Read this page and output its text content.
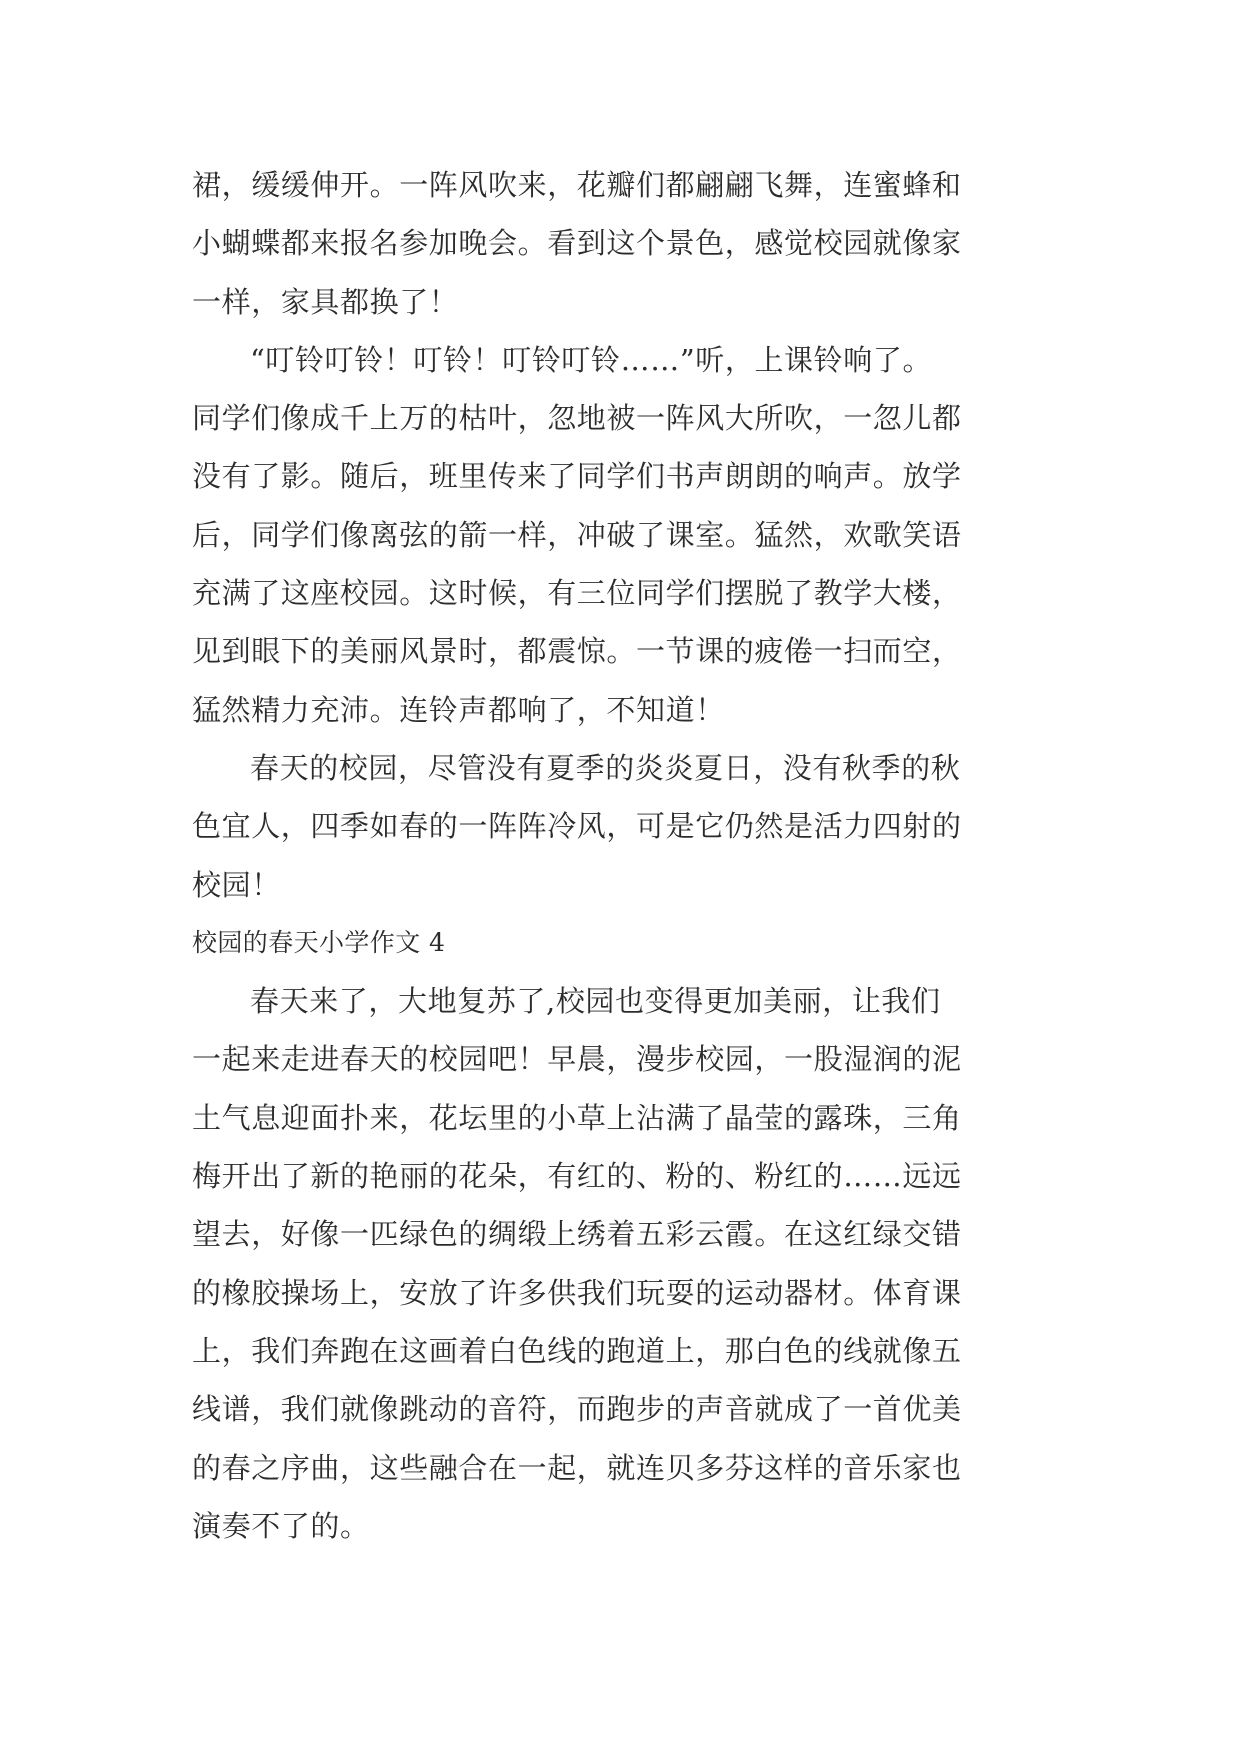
裙，缓缓伸开。一阵风吹来，花瓣们都翩翩飞舞，连蜜蜂和
小蝴蝶都来报名参加晚会。看到这个景色，感觉校园就像家
一样，家具都换了！
“叮铃叮铃！叮铃！叮铃叮铃……”听，上课铃响了。
同学们像成千上万的枯叶，忽地被一阵风大所吹，一忽儿都
没有了影。随后，班里传来了同学们书声朗朗的响声。放学
后，同学们像离弦的箭一样，冲破了课室。猛然，欢歌笑语
充满了这座校园。这时候，有三位同学们摆脱了教学大楼，
见到眼下的美丽风景时，都震惊。一节课的疲倦一扫而空，
猛然精力充沛。连铃声都响了，不知道！
春天的校园，尽管没有夏季的炎炎夏日，没有秋季的秋
色宜人，四季如春的一阵阵冷风，可是它仍然是活力四射的
校园！
校园的春天小学作文 4
春天来了，大地复苏了,校园也变得更加美丽，让我们
一起来走进春天的校园吧！早晨，漫步校园，一股湿润的泥
土气息迎面扑来，花坛里的小草上沾满了晶莹的露珠，三角
梅开出了新的艳丽的花朵，有红的、粉的、粉红的……远远
望去，好像一匹绿色的绸缎上绣着五彩云霞。在这红绿交错
的橡胶操场上，安放了许多供我们玩耍的运动器材。体育课
上，我们奔跑在这画着白色线的跑道上，那白色的线就像五
线谱，我们就像跳动的音符，而跑步的声音就成了一首优美
的春之序曲，这些融合在一起，就连贝多芬这样的音乐家也
演奏不了的。
